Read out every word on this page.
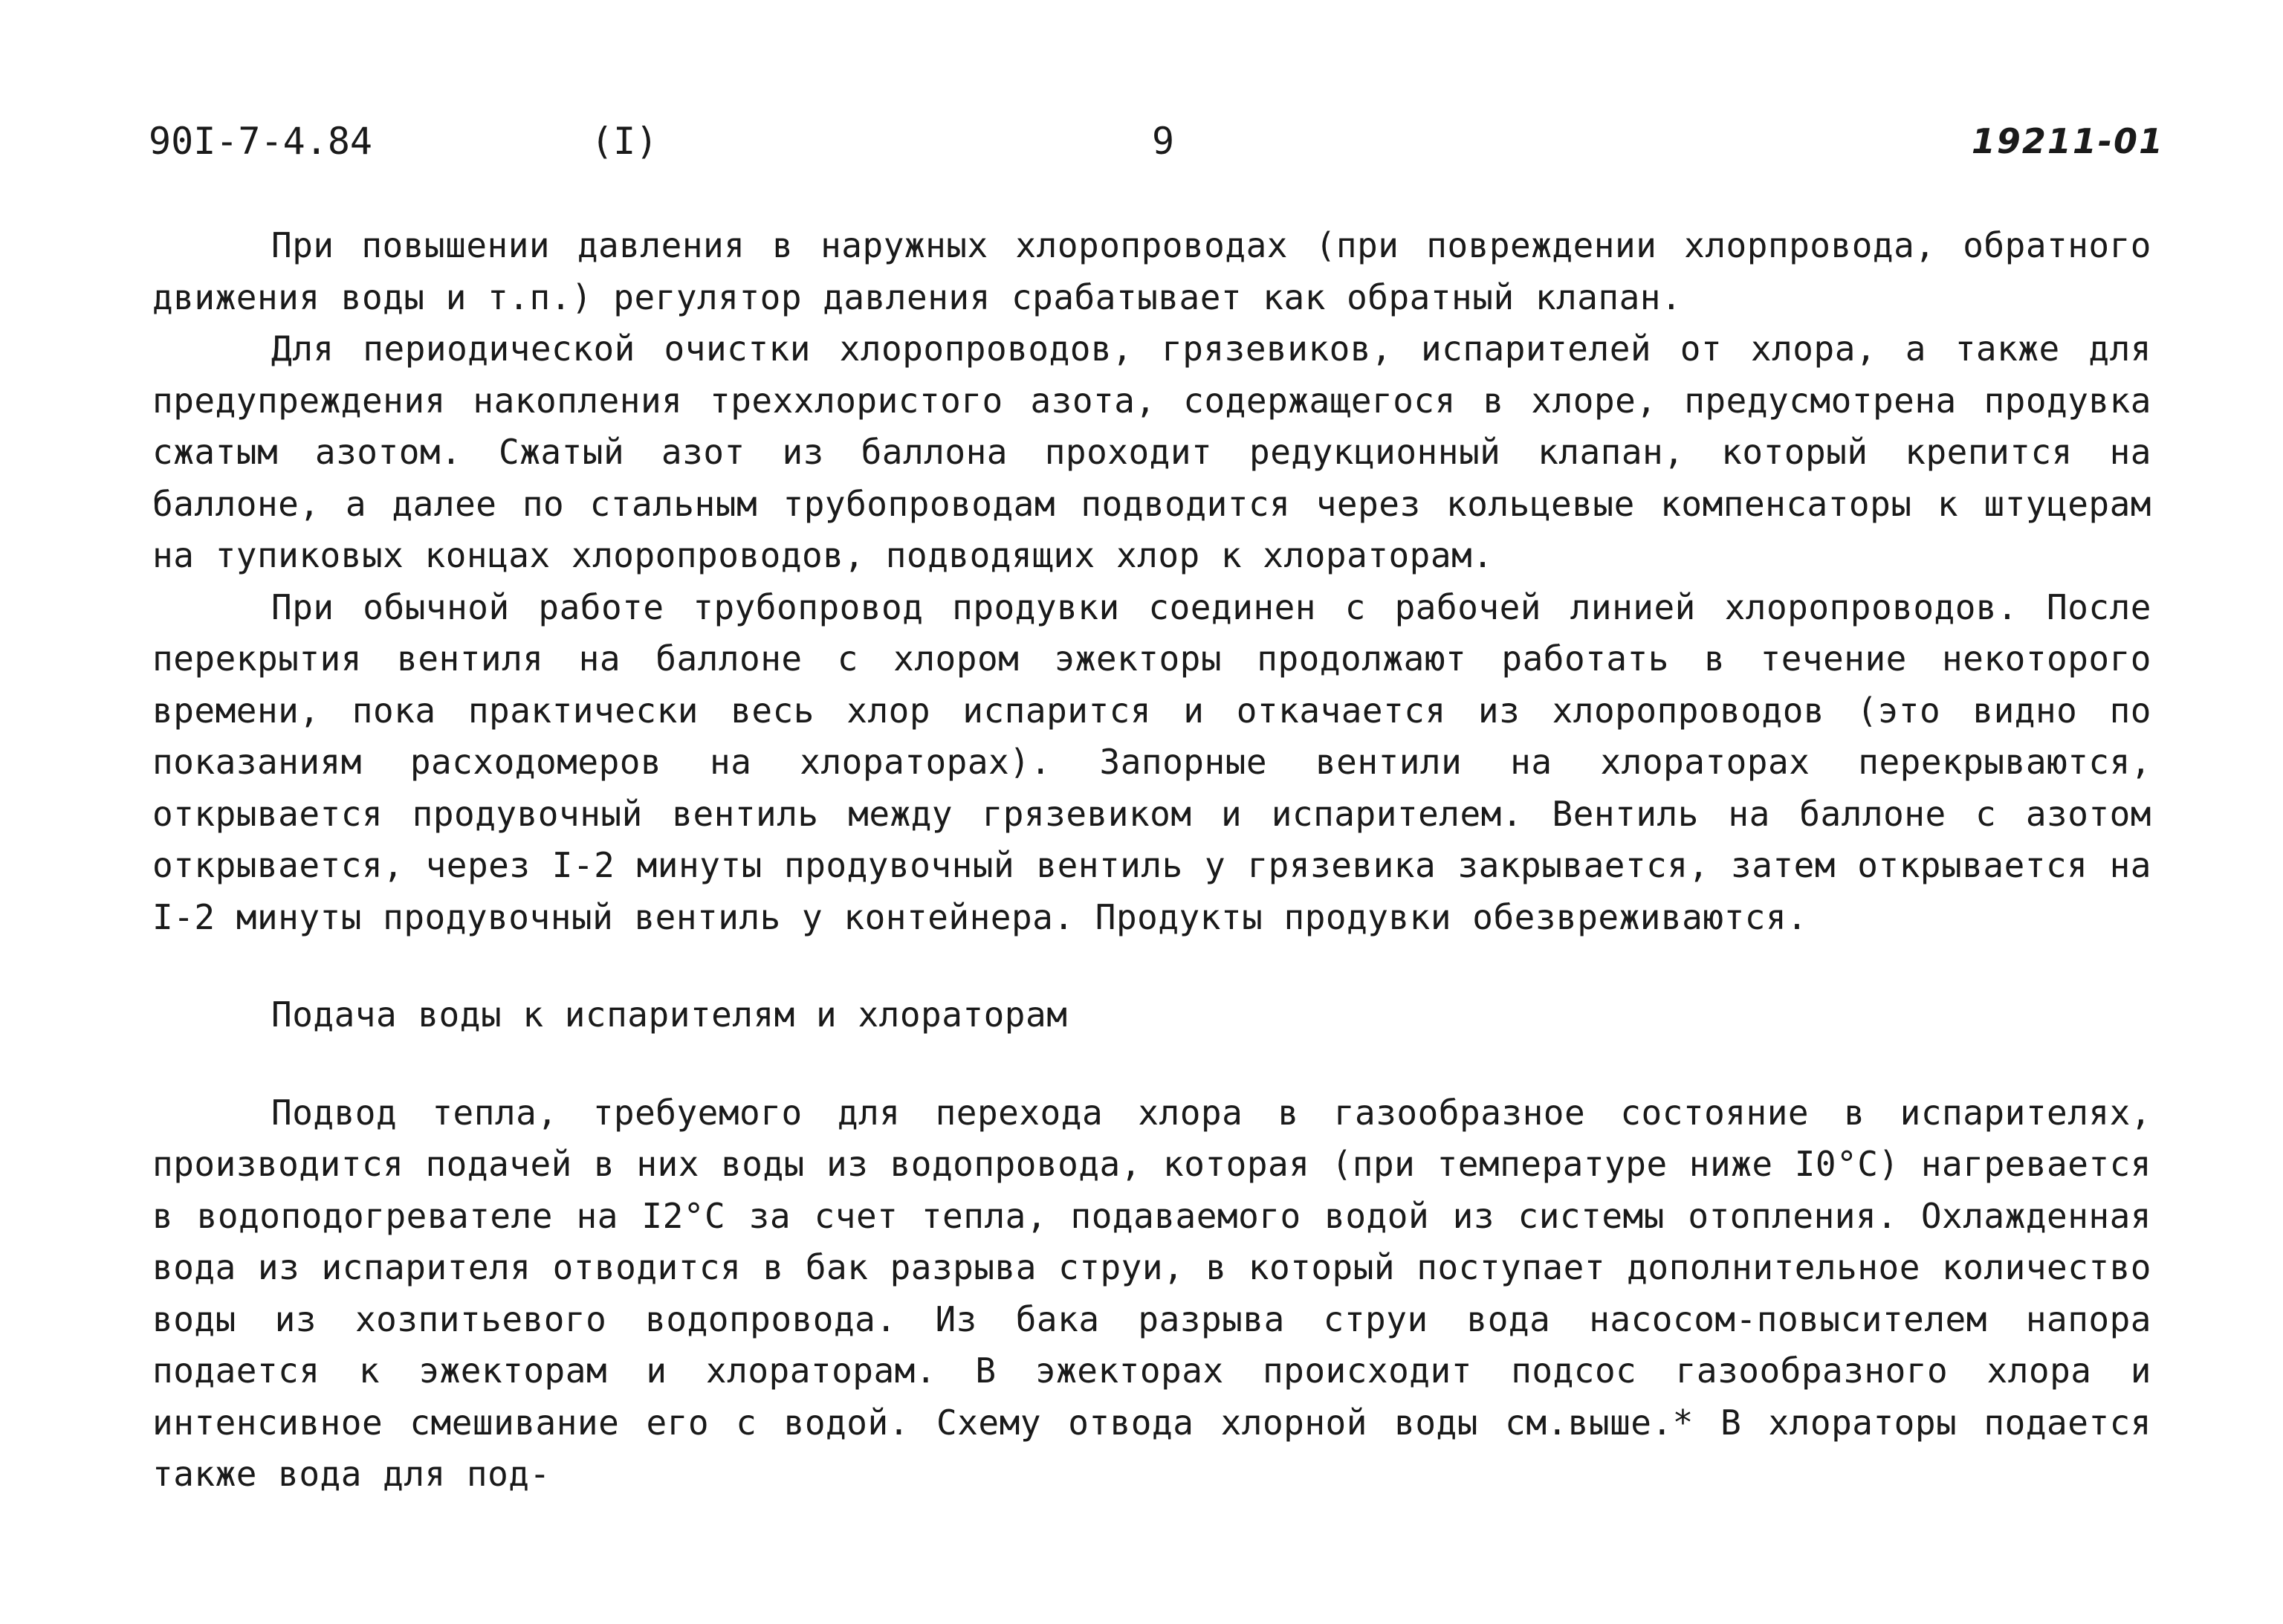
90I-7-4.84	(I)	9	19211-01

При повышении давления в наружных хлоропроводах (при повреждении хлорпровода, обратного движения воды и т.п.) регулятор давления срабатывает как обратный клапан.

Для периодической очистки хлоропроводов, грязевиков, испарителей от хлора, а также для предупреждения накопления треххлористого азота, содержащегося в хлоре, предусмотрена продувка сжатым азотом. Сжатый азот из баллона проходит редукционный клапан, который крепится на баллоне, а далее по стальным трубопроводам подводится через кольцевые компенсаторы к штуцерам на тупиковых концах хлоропроводов, подводящих хлор к хлораторам.

При обычной работе трубопровод продувки соединен с рабочей линией хлоропроводов. После перекрытия вентиля на баллоне с хлором эжекторы продолжают работать в течение некоторого времени, пока практически весь хлор испарится и откачается из хлоропроводов (это видно по показаниям расходомеров на хлораторах). Запорные вентили на хлораторах перекрываются, открывается продувочный вентиль между грязевиком и испарителем. Вентиль на баллоне с азотом открывается, через I-2 минуты продувочный вентиль у грязевика закрывается, затем открывается на I-2 минуты продувочный вентиль у контейнера. Продукты продувки обезвреживаются.

Подача воды к испарителям и хлораторам

Подвод тепла, требуемого для перехода хлора в газообразное состояние в испарителях, производится подачей в них воды из водопровода, которая (при температуре ниже I0°С) нагревается в водоподогревателе на I2°С за счет тепла, подаваемого водой из системы отопления. Охлажденная вода из испарителя отводится в бак разрыва струи, в который поступает дополнительное количество воды из хозпитьевого водопровода. Из бака разрыва струи вода насосом-повысителем напора подается к эжекторам и хлораторам. В эжекторах происходит подсос газообразного хлора и интенсивное смешивание его с водой. Схему отвода хлорной воды см.выше.* В хлораторы подается также вода для под-
